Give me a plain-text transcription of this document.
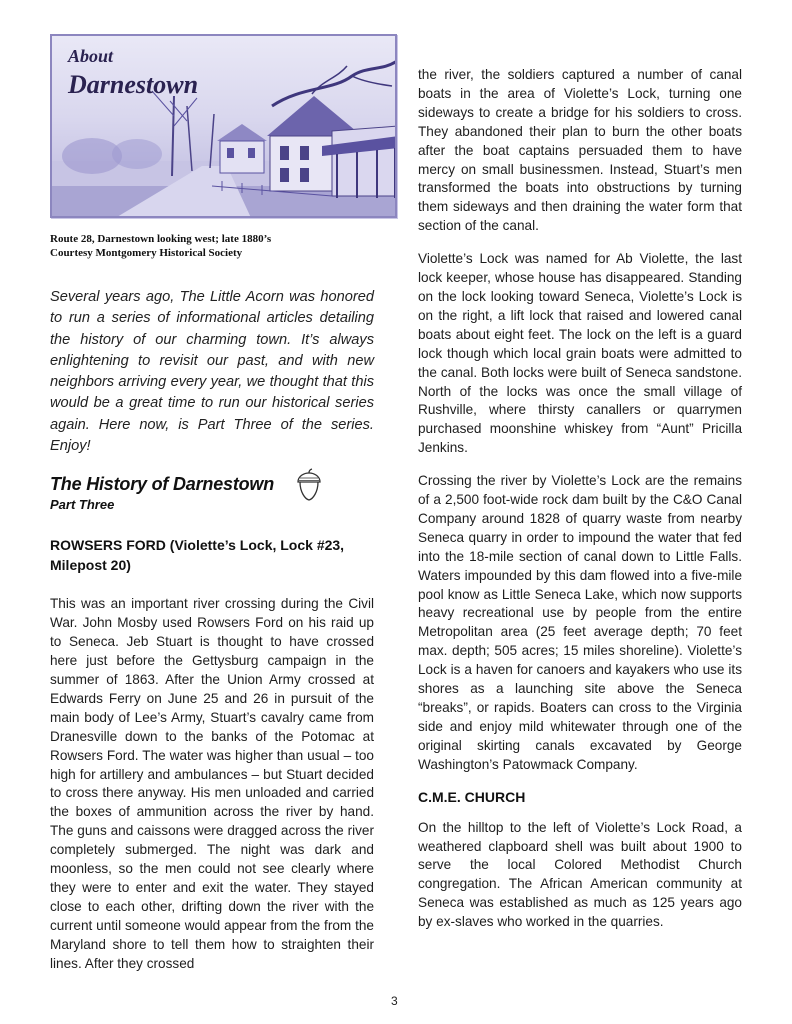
About
Darnestown
Route 28, Darnestown looking west; late 1880’s
Courtesy Montgomery Historical Society
Several years ago, The Little Acorn was honored to run a series of informational articles detailing the history of our charming town. It’s always enlightening to revisit our past, and with new neighbors arriving every year, we thought that this would be a great time to run our historical series again. Here now, is Part Three of the series. Enjoy!
The History of Darnestown
Part Three
ROWSERS FORD (Violette’s Lock, Lock #23, Milepost 20)
This was an important river crossing during the Civil War. John Mosby used Rowsers Ford on his raid up to Seneca. Jeb Stuart is thought to have crossed here just before the Gettysburg campaign in the summer of 1863. After the Union Army crossed at Edwards Ferry on June 25 and 26 in pursuit of the main body of Lee’s Army, Stuart’s cavalry came from Dranesville down to the banks of the Potomac at Rowsers Ford. The water was higher than usual – too high for artillery and ambulances – but Stuart decided to cross there anyway. His men unloaded and carried the boxes of ammunition across the river by hand. The guns and caissons were dragged across the river completely submerged. The night was dark and moonless, so the men could not see clearly where they were to enter and exit the water. They stayed close to each other, drifting down the river with the current until someone would appear from the from the Maryland shore to tell them how to straighten their lines. After they crossed

the river, the soldiers captured a number of canal boats in the area of Violette’s Lock, turning one sideways to create a bridge for his soldiers to cross. They abandoned their plan to burn the other boats after the boat captains persuaded them to have mercy on small businessmen. Instead, Stuart’s men transformed the boats into obstructions by turning them sideways and then draining the water form that section of the canal.

Violette’s Lock was named for Ab Violette, the last lock keeper, whose house has disappeared. Standing on the lock looking toward Seneca, Violette’s Lock is on the right, a lift lock that raised and lowered canal boats about eight feet. The lock on the left is a guard lock though which local grain boats were admitted to the canal. Both locks were built of Seneca sandstone. North of the locks was once the small village of Rushville, where thirsty canallers or quarrymen purchased moonshine whiskey from “Aunt” Pricilla Jenkins.

Crossing the river by Violette’s Lock are the remains of a 2,500 foot-wide rock dam built by the C&O Canal Company around 1828 of quarry waste from nearby Seneca quarry in order to impound the water that fed into the 18-mile section of canal down to Little Falls. Waters impounded by this dam flowed into a five-mile pool know as Little Seneca Lake, which now supports heavy recreational use by people from the entire Metropolitan area (25 feet average depth; 70 feet max. depth; 505 acres; 15 miles shoreline). Violette’s Lock is a haven for canoers and kayakers who use its shores as a launching site above the Seneca “breaks”, or rapids. Boaters can cross to the Virginia side and enjoy mild whitewater through one of the original skirting canals excavated by George Washington’s Patowmack Company.

C.M.E. CHURCH
On the hilltop to the left of Violette’s Lock Road, a weathered clapboard shell was built about 1900 to serve the local Colored Methodist Church congregation. The African American community at Seneca was established as much as 125 years ago by ex-slaves who worked in the quarries.
3
